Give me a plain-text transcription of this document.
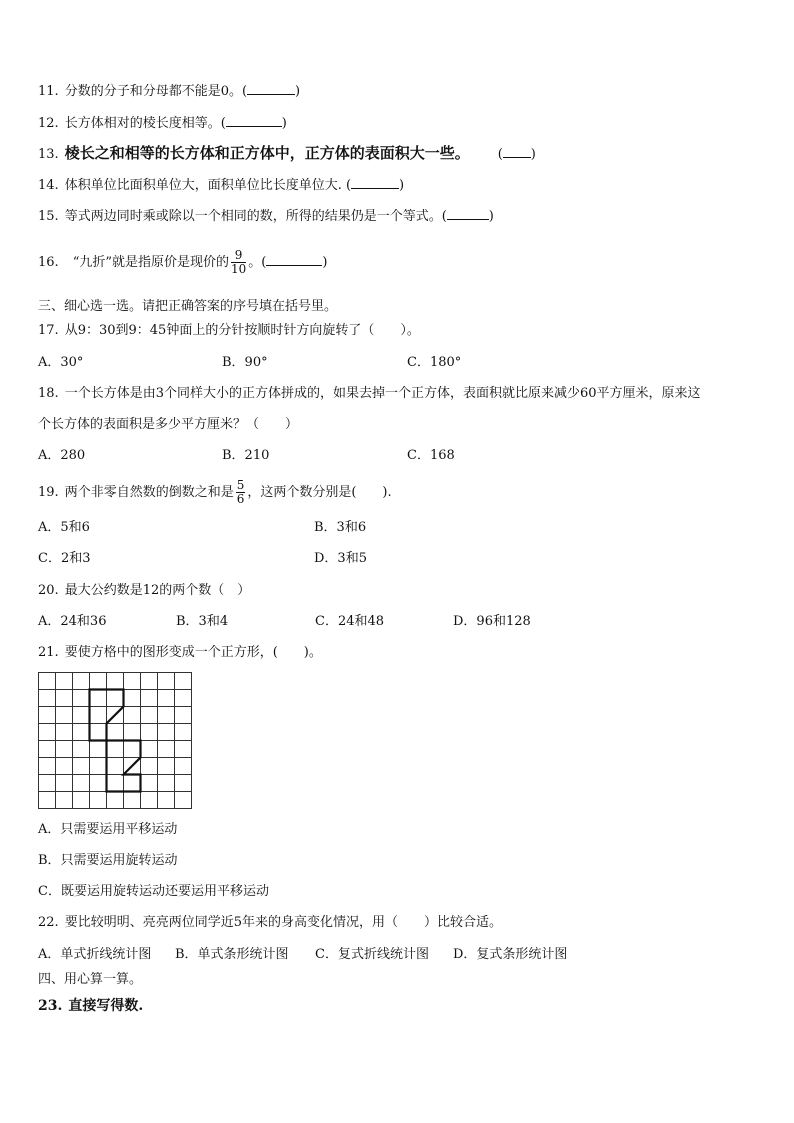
11. 分数的分子和分母都不能是0。(	)
12. 长方体相对的棱长度相等。(	)
13. 棱长之和相等的长方体和正方体中，正方体的表面积大一些。 ( )
14. 体积单位比面积单位大，面积单位比长度单位大. (	)
15. 等式两边同时乘或除以一个相同的数，所得的结果仍是一个等式。(	)
16. “九折”就是指原价是现价的 $\frac{9}{10}$ 。(	)
三、细心选一选。请把正确答案的序号填在括号里。
17. 从9：30到9：45钟面上的分针按顺时针方向旋转了（　　）。
A．30°	B．90°	C．180°
18. 一个长方体是由3个同样大小的正方体拼成的，如果去掉一个正方体，表面积就比原来减少60平方厘米，原来这
个长方体的表面积是多少平方厘米？（　　）
A．280	B．210	C．168
19. 两个非零自然数的倒数之和是 $\frac{5}{6}$ ，这两个数分别是(　　).
A．5和6	B．3和6
C．2和3	D．3和5
20. 最大公约数是12的两个数（　）
A．24和36	B．3和4	C．24和48	D．96和128
21. 要使方格中的图形变成一个正方形，(　　)。
A．只需要运用平移运动
B．只需要运用旋转运动
C．既要运用旋转运动还要运用平移运动
22. 要比较明明、亮亮两位同学近5年来的身高变化情况，用（　　）比较合适。
A．单式折线统计图 B．单式条形统计图 C．复式折线统计图 D．复式条形统计图
四、用心算一算。
23. 直接写得数.
